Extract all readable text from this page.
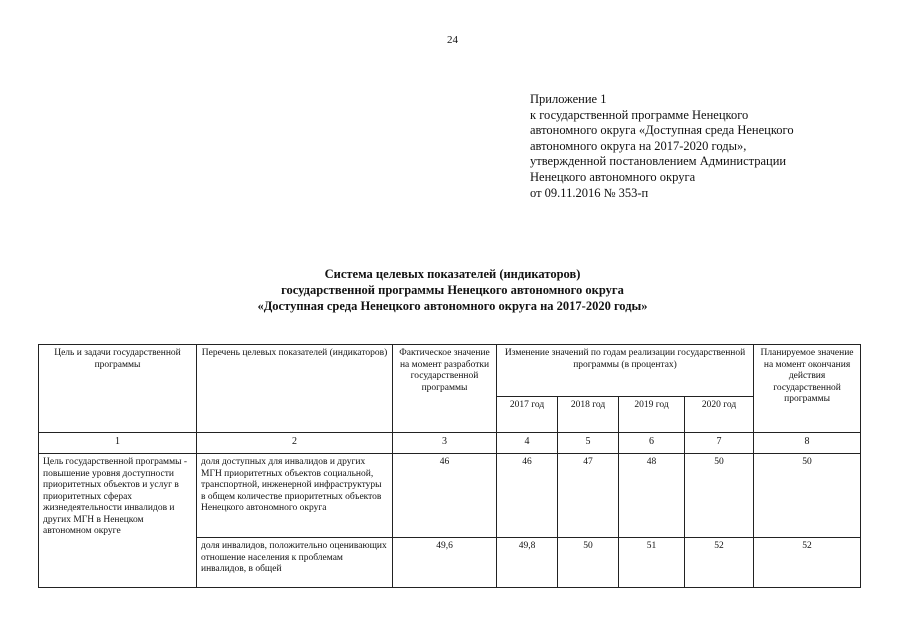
24
Приложение 1
к государственной программе Ненецкого
автономного округа «Доступная среда Ненецкого
автономного округа на 2017-2020 годы»,
утвержденной постановлением Администрации
Ненецкого автономного округа
от 09.11.2016 № 353-п
Система целевых показателей (индикаторов)
государственной программы Ненецкого автономного округа
«Доступная среда Ненецкого автономного округа на 2017-2020 годы»
Цель и задачи государственной программы	Перечень целевых показателей (индикаторов)	Фактическое значение на момент разработки государственной программы	Изменение значений по годам реализации государственной программы (в процентах)				Планируемое значение на момент окончания действия государственной программы
			2017 год	2018 год	2019 год	2020 год	
1	2	3	4	5	6	7	8
Цель государственной программы - повышение уровня доступности приоритетных объектов и услуг в приоритетных сферах жизнедеятельности инвалидов и других МГН в Ненецком автономном округе	доля доступных для инвалидов и других МГН приоритетных объектов социальной, транспортной, инженерной инфраструктуры в общем количестве приоритетных объектов Ненецкого автономного округа	46	46	47	48	50	50
	доля инвалидов, положительно оценивающих отношение населения к проблемам инвалидов, в общей	49,6	49,8	50	51	52	52
